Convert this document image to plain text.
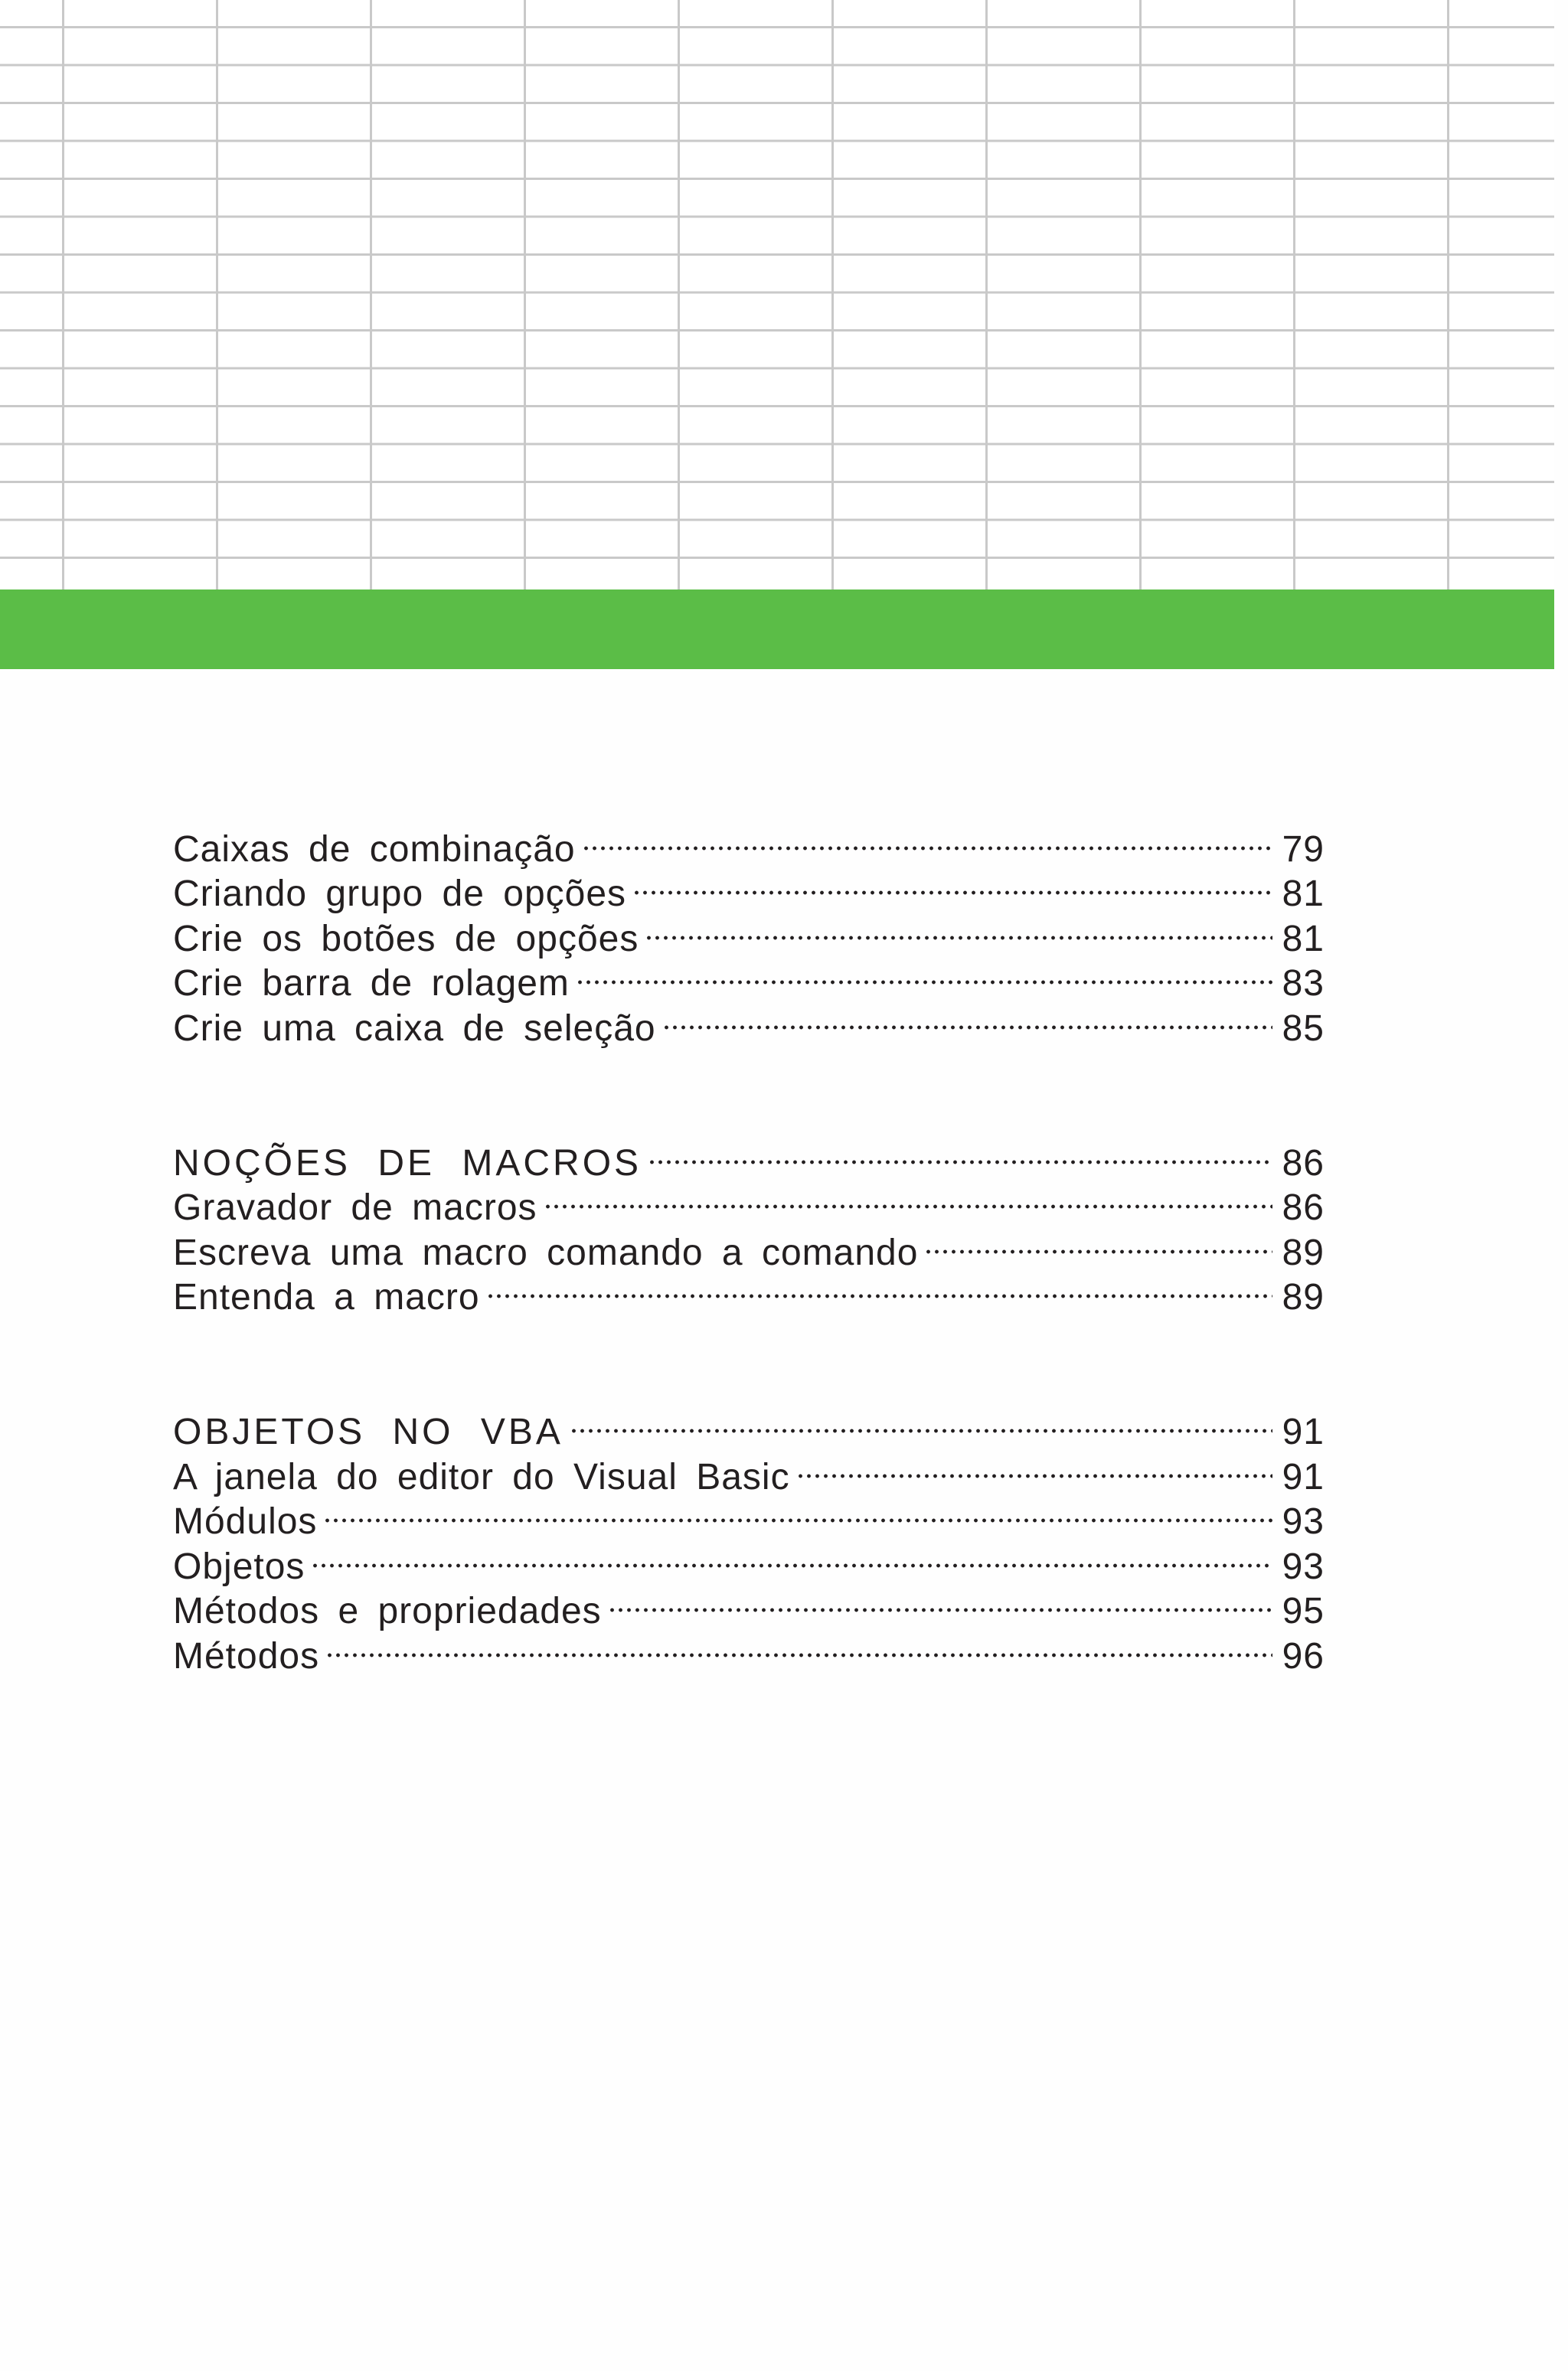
Caixas de combinação	79
Criando grupo de opções	81
Crie os botões de opções	81
Crie barra de rolagem	83
Crie uma caixa de seleção	85
NOÇÕES DE MACROS	86
Gravador de macros	86
Escreva uma macro comando a comando	89
Entenda a macro	89
OBJETOS NO VBA	91
A janela do editor do Visual Basic	91
Módulos	93
Objetos	93
Métodos e propriedades	95
Métodos	96
